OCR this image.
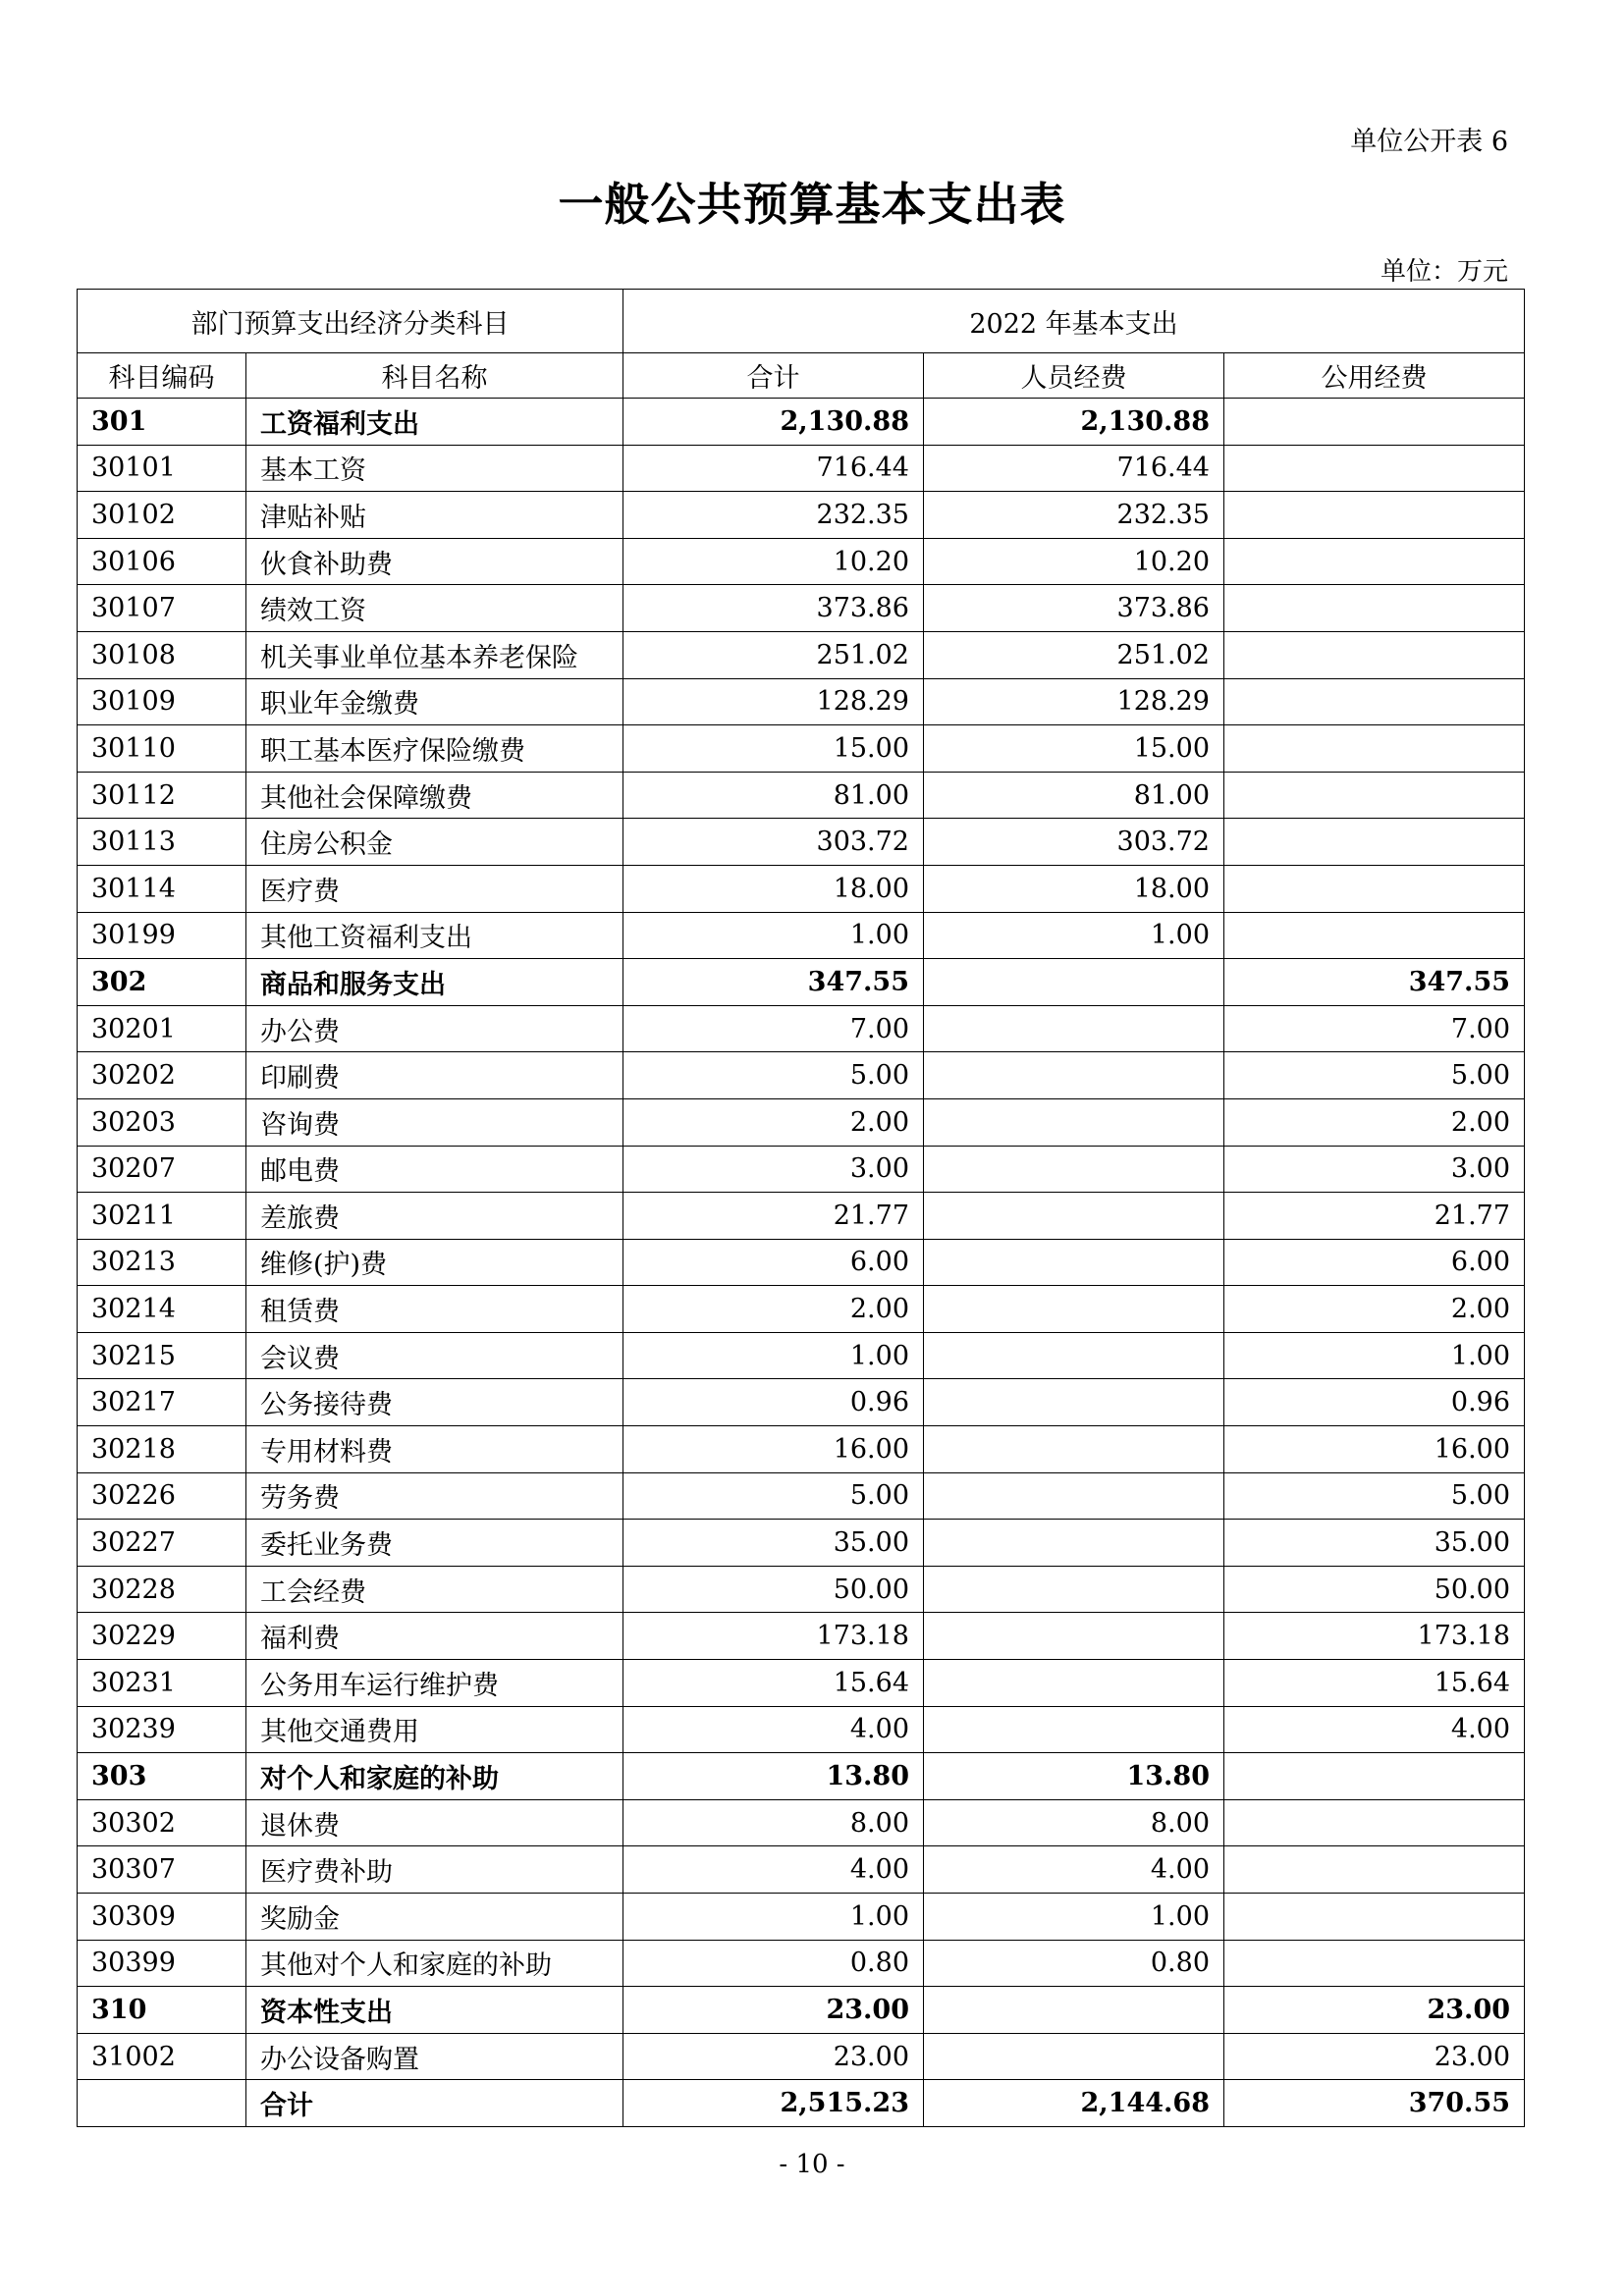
单位公开表 6
一般公共预算基本支出表
单位：万元
部门预算支出经济分类科目		2022 年基本支出		
科目编码	科目名称	合计	人员经费	公用经费
301	工资福利支出	2,130.88	2,130.88	
30101	基本工资	716.44	716.44	
30102	津贴补贴	232.35	232.35	
30106	伙食补助费	10.20	10.20	
30107	绩效工资	373.86	373.86	
30108	机关事业单位基本养老保险	251.02	251.02	
30109	职业年金缴费	128.29	128.29	
30110	职工基本医疗保险缴费	15.00	15.00	
30112	其他社会保障缴费	81.00	81.00	
30113	住房公积金	303.72	303.72	
30114	医疗费	18.00	18.00	
30199	其他工资福利支出	1.00	1.00	
302	商品和服务支出	347.55		347.55
30201	办公费	7.00		7.00
30202	印刷费	5.00		5.00
30203	咨询费	2.00		2.00
30207	邮电费	3.00		3.00
30211	差旅费	21.77		21.77
30213	维修(护)费	6.00		6.00
30214	租赁费	2.00		2.00
30215	会议费	1.00		1.00
30217	公务接待费	0.96		0.96
30218	专用材料费	16.00		16.00
30226	劳务费	5.00		5.00
30227	委托业务费	35.00		35.00
30228	工会经费	50.00		50.00
30229	福利费	173.18		173.18
30231	公务用车运行维护费	15.64		15.64
30239	其他交通费用	4.00		4.00
303	对个人和家庭的补助	13.80	13.80	
30302	退休费	8.00	8.00	
30307	医疗费补助	4.00	4.00	
30309	奖励金	1.00	1.00	
30399	其他对个人和家庭的补助	0.80	0.80	
310	资本性支出	23.00		23.00
31002	办公设备购置	23.00		23.00
	合计	2,515.23	2,144.68	370.55
- 10 -
